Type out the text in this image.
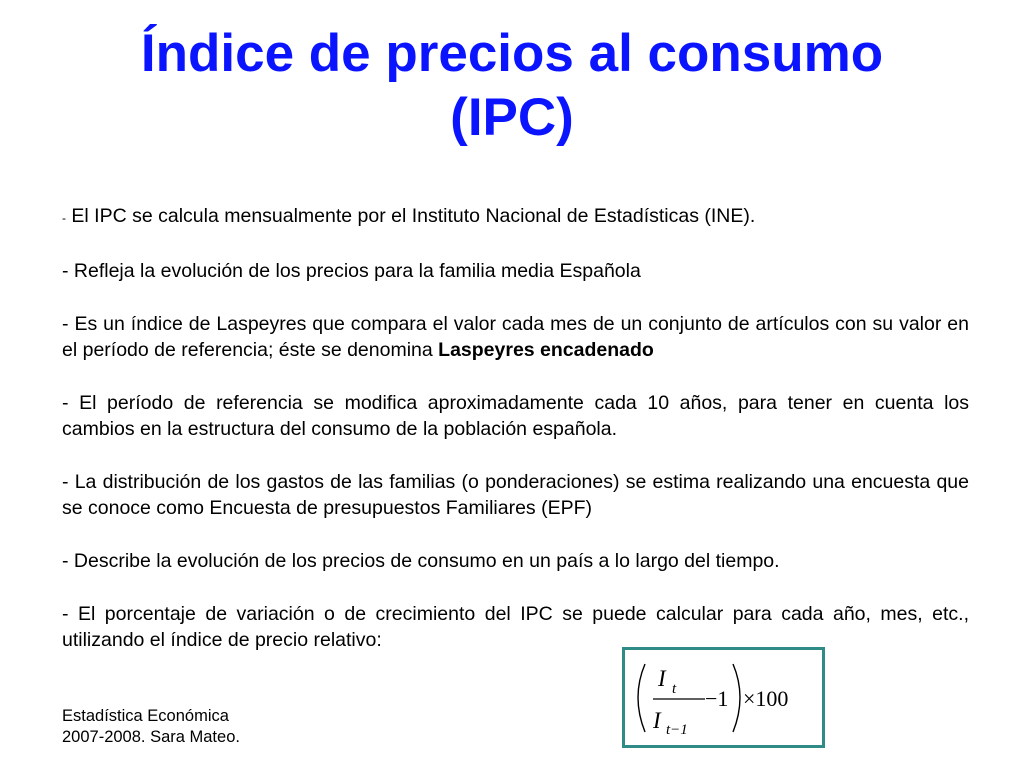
Índice de precios al consumo
(IPC)

- El IPC se calcula mensualmente por el Instituto Nacional de Estadísticas (INE).

- Refleja la evolución de los precios para la familia media Española

- Es un índice de Laspeyres que compara el valor cada mes de un conjunto de artículos con su valor en el período de referencia; éste se denomina Laspeyres encadenado

- El período de referencia se modifica aproximadamente cada 10 años, para tener en cuenta los cambios en la estructura del consumo de la población española.

- La distribución de los gastos de las familias (o ponderaciones) se estima realizando una encuesta que se conoce como Encuesta de presupuestos Familiares (EPF)

- Describe la evolución de los precios de consumo en un país a lo largo del tiempo.

- El porcentaje de variación o de crecimiento del IPC se puede calcular para cada año, mes, etc., utilizando el índice de precio relativo:

I t
I t−1
−1 ×100
Estadística Económica
2007-2008. Sara Mateo.
